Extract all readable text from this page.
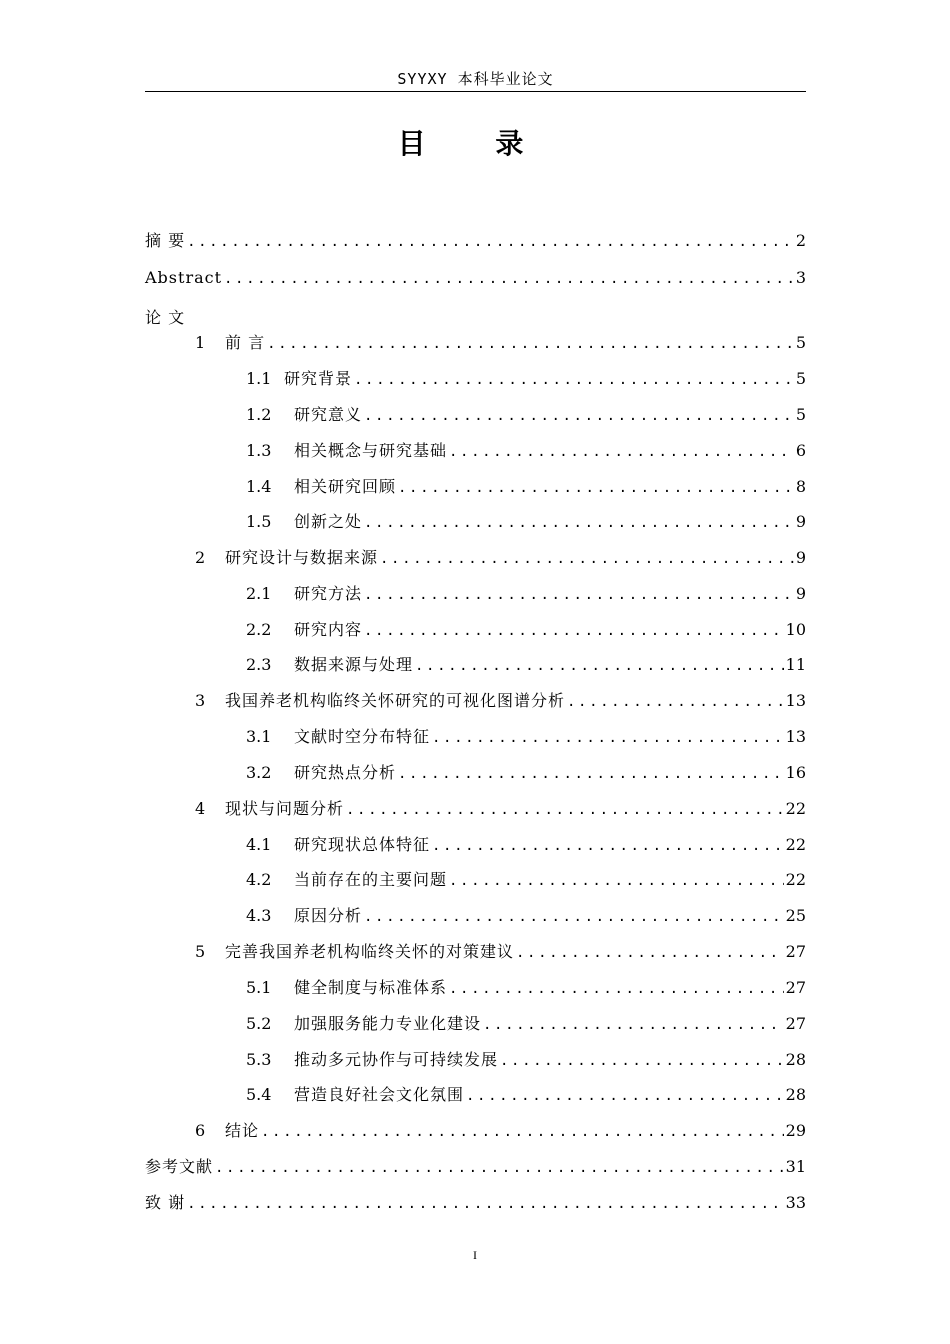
SYYXY 本科毕业论文
目 录
摘 要 .....	2
Abstract .....	3
论 文
1	前 言 .....	5
1.1 研究背景 .....	5
1.2	研究意义 .....	5
1.3	相关概念与研究基础 .....	6
1.4	相关研究回顾 .....	8
1.5	创新之处 .....	9
2	研究设计与数据来源 .....	9
2.1	研究方法 .....	9
2.2	研究内容 .....	10
2.3	数据来源与处理 .....	11
3	我国养老机构临终关怀研究的可视化图谱分析 .....	13
3.1	文献时空分布特征 .....	13
3.2	研究热点分析 .....	16
4	现状与问题分析 .....	22
4.1	研究现状总体特征 .....	22
4.2	当前存在的主要问题 .....	22
4.3	原因分析 .....	25
5	完善我国养老机构临终关怀的对策建议 .....	27
5.1	健全制度与标准体系 .....	27
5.2	加强服务能力专业化建设 .....	27
5.3	推动多元协作与可持续发展 .....	28
5.4	营造良好社会文化氛围 .....	28
6	结论 .....	29
参考文献 .....	31
致 谢 .....	33
I
